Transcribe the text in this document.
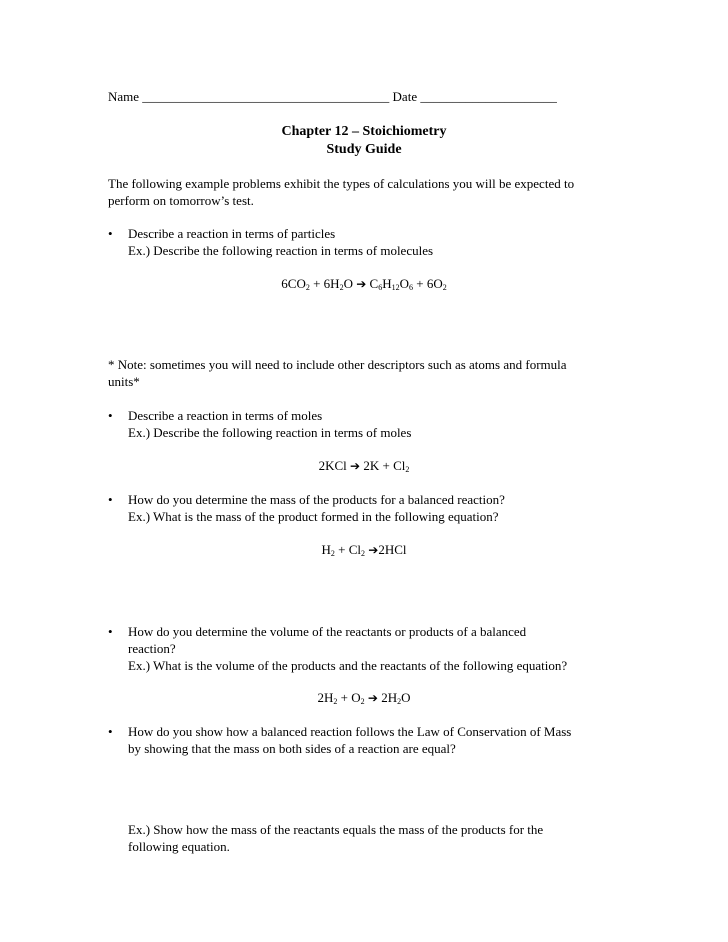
Name ______________________________________ Date _____________________
Chapter 12 – Stoichiometry
Study Guide
The following example problems exhibit the types of calculations you will be expected to
perform on tomorrow’s test.
• Describe a reaction in terms of particles
Ex.) Describe the following reaction in terms of molecules
$6CO_2 + 6H_2O$ ➔ $C_6H_{12}O_6 + 6O_2$
* Note: sometimes you will need to include other descriptors such as atoms and formula
units*
• Describe a reaction in terms of moles
Ex.) Describe the following reaction in terms of moles
2KCl ➔ $2K + Cl_2$
• How do you determine the mass of the products for a balanced reaction?
Ex.) What is the mass of the product formed in the following equation?
$H_2 + Cl_2$ ➔2HCl
• How do you determine the volume of the reactants or products of a balanced
reaction?
Ex.) What is the volume of the products and the reactants of the following equation?
$2H_2 + O_2$ ➔ $2H_2O$
• How do you show how a balanced reaction follows the Law of Conservation of Mass
by showing that the mass on both sides of a reaction are equal?
Ex.) Show how the mass of the reactants equals the mass of the products for the
following equation.
